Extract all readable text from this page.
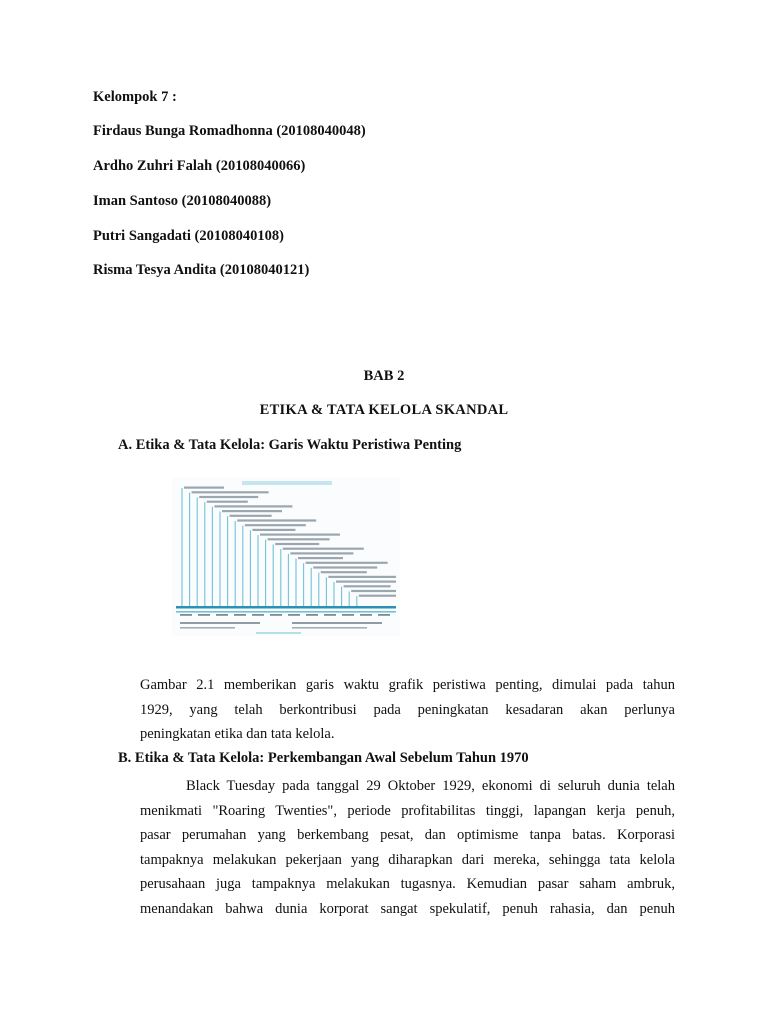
Kelompok 7 :
Firdaus Bunga Romadhonna (20108040048)
Ardho Zuhri Falah (20108040066)
Iman Santoso (20108040088)
Putri Sangadati (20108040108)
Risma Tesya Andita (20108040121)
BAB 2
ETIKA & TATA KELOLA SKANDAL
A. Etika & Tata Kelola: Garis Waktu Peristiwa Penting
Gambar 2.1 memberikan garis waktu grafik peristiwa penting, dimulai pada tahun
1929, yang telah berkontribusi pada peningkatan kesadaran akan perlunya
peningkatan etika dan tata kelola.
B. Etika & Tata Kelola: Perkembangan Awal Sebelum Tahun 1970
Black Tuesday pada tanggal 29 Oktober 1929, ekonomi di seluruh dunia telah
menikmati "Roaring Twenties", periode profitabilitas tinggi, lapangan kerja penuh,
pasar perumahan yang berkembang pesat, dan optimisme tanpa batas. Korporasi
tampaknya melakukan pekerjaan yang diharapkan dari mereka, sehingga tata kelola
perusahaan juga tampaknya melakukan tugasnya. Kemudian pasar saham ambruk,
menandakan bahwa dunia korporat sangat spekulatif, penuh rahasia, dan penuh
